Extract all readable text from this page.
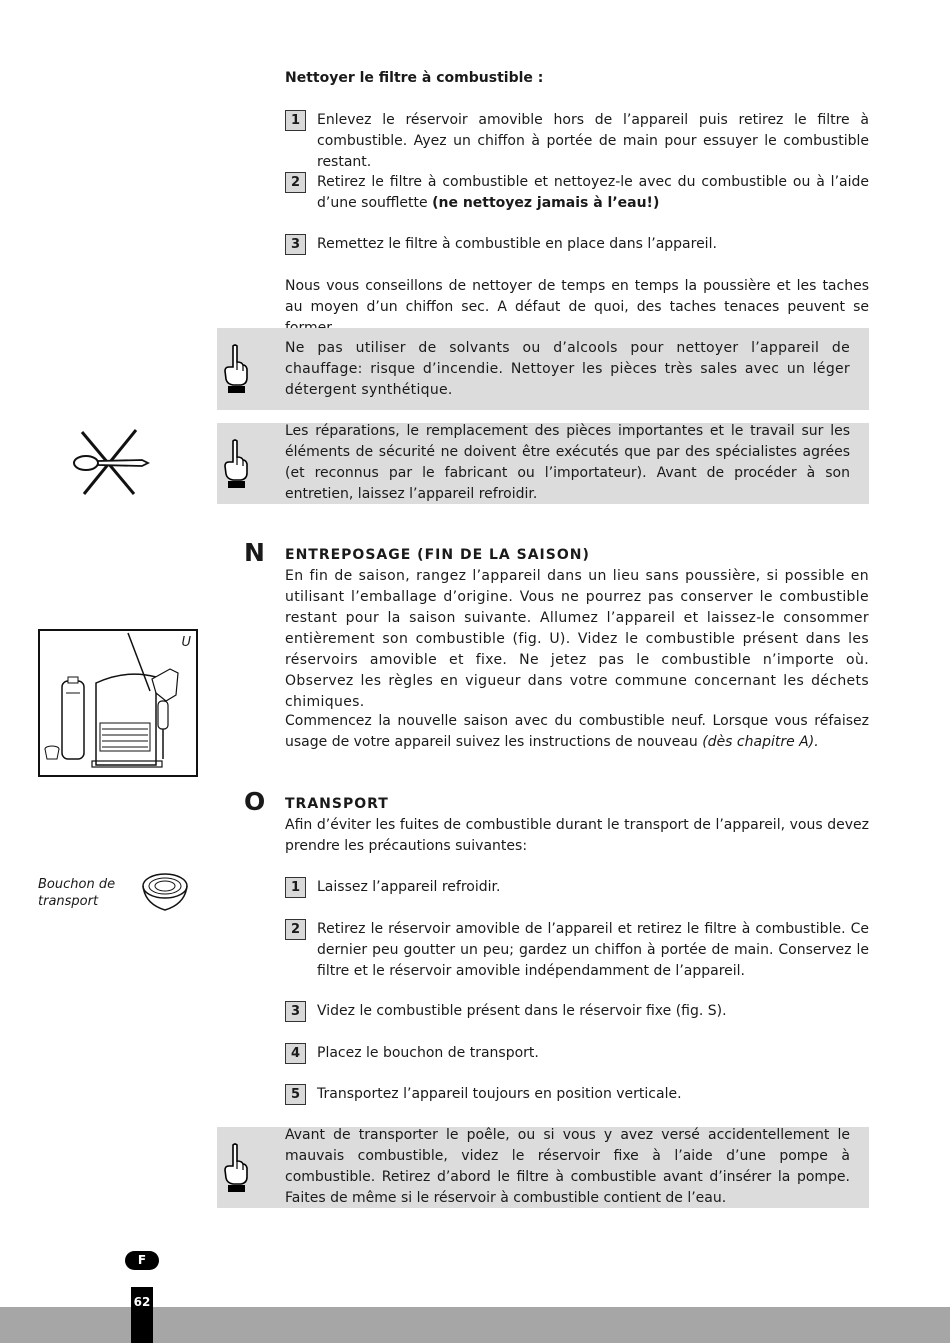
Nettoyer le filtre à combustible :
1	Enlevez le réservoir amovible hors de l’appareil puis retirez le filtre à combustible. Ayez un chiffon à portée de main pour essuyer le combustible restant.
2	Retirez le filtre à combustible et nettoyez-le avec du combustible ou à l’aide d’une soufflette (ne nettoyez jamais à l’eau!)
3	Remettez le filtre à combustible en place dans l’appareil.
Nous vous conseillons de nettoyer de temps en temps la poussière et les taches au moyen d’un chiffon sec. A défaut de quoi, des taches tenaces peuvent se
Ne pas utiliser de solvants ou d’alcools pour nettoyer l’appareil de chauffage: risque d’incendie. Nettoyer les pièces très sales avec un léger détergent synthétique.
Les réparations, le remplacement des pièces importantes et le travail sur les éléments de sécurité ne doivent être exécutés que par des spécialistes agrées (et reconnus par le fabricant ou l’importateur). Avant de procéder à son entretien, laissez l’appareil refroidir.
N ENTREPOSAGE (FIN DE LA SAISON)
En fin de saison, rangez l’appareil dans un lieu sans poussière, si possible en utilisant l’emballage d’origine. Vous ne pourrez pas conserver le combustible restant pour la saison suivante. Allumez l’appareil et laissez-le consommer entièrement son combustible (fig. U). Videz le combustible présent dans les réservoirs amovible et fixe. Ne jetez pas le combustible n’importe où. Observez les règles en vigueur dans votre commune concernant les déchets chimiques.
Commencez la nouvelle saison avec du combustible neuf. Lorsque vous réfaisez usage de votre appareil suivez les instructions de nouveau (dès chapitre A).
U
O TRANSPORT
Afin d’éviter les fuites de combustible durant le transport de l’appareil, vous devez prendre les précautions suivantes:
Bouchon de transport
1	Laissez l’appareil refroidir.
2	Retirez le réservoir amovible de l’appareil et retirez le filtre à combustible. Ce dernier peu goutter un peu; gardez un chiffon à portée de main. Conservez le filtre et le réservoir amovible indépendamment de l’appareil.
3	Videz le combustible présent dans le réservoir fixe (fig. S).
4	Placez le bouchon de transport.
5	Transportez l’appareil toujours en position verticale.
Avant de transporter le poêle, ou si vous y avez versé accidentellement le mauvais combustible, videz le réservoir fixe à l’aide d’une pompe à combustible. Retirez d’abord le filtre à combustible avant d’insérer la pompe. Faites de même si le réservoir à combustible contient de l’eau.
F
62
